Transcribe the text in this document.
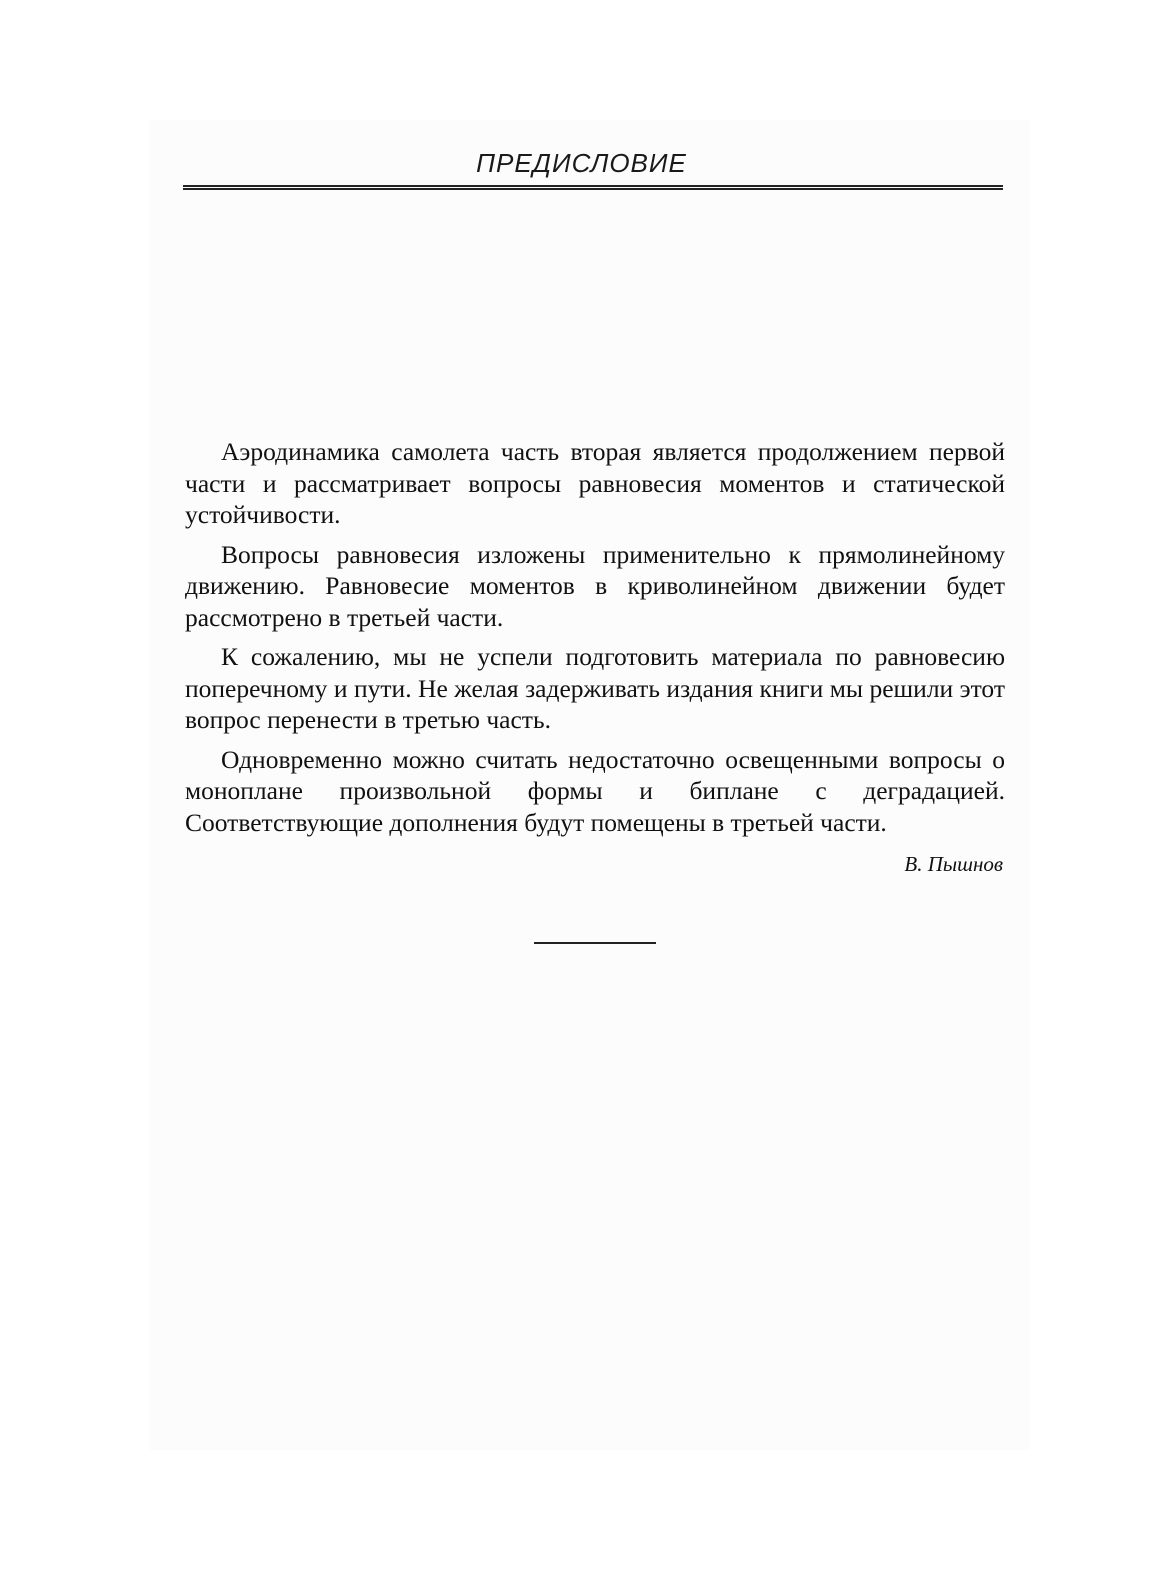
ПРЕДИСЛОВИЕ

Аэродинамика самолета часть вторая является продолжением первой части и рассматривает вопросы равновесия моментов и статической устойчивости.

Вопросы равновесия изложены применительно к прямолинейному движению. Равновесие моментов в криволинейном движении будет рассмотрено в третьей части.

К сожалению, мы не успели подготовить материала по равновесию поперечному и пути. Не желая задерживать издания книги мы решили этот вопрос перенести в третью часть.

Одновременно можно считать недостаточно освещенными вопросы о моноплане произвольной формы и биплане с деградацией. Соответствующие дополнения будут помещены в третьей части.

В. Пышнов
